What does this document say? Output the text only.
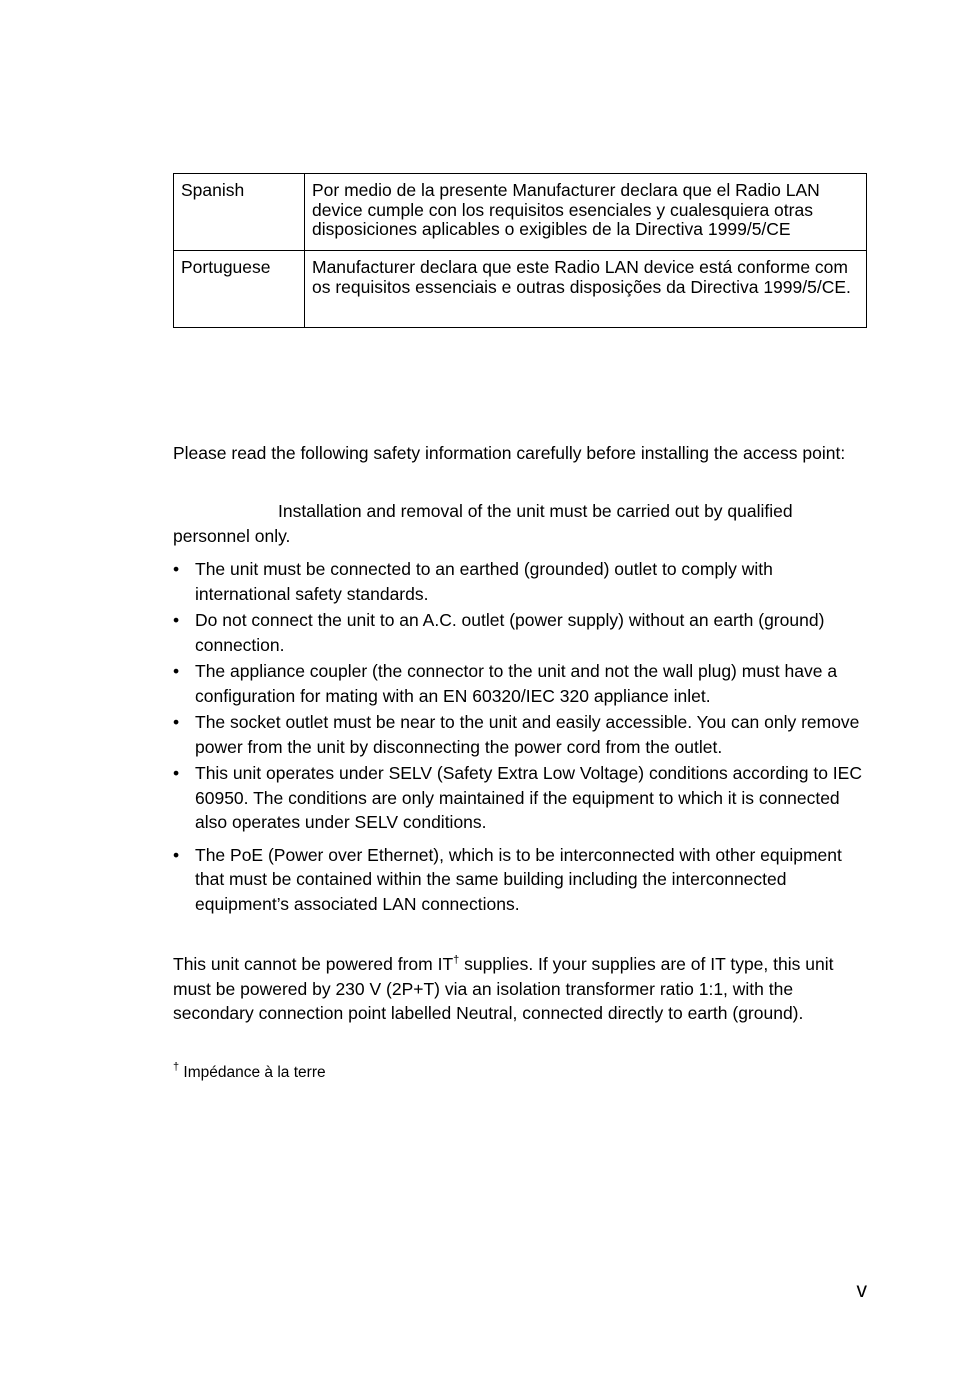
Spanish	Por medio de la presente Manufacturer declara que el Radio LAN device cumple con los requisitos esenciales y cualesquiera otras disposiciones aplicables o exigibles de la Directiva 1999/5/CE
Portuguese	Manufacturer declara que este Radio LAN device está conforme com os requisitos essenciais e outras disposições da Directiva 1999/5/CE.

Please read the following safety information carefully before installing the access point:

Installation and removal of the unit must be carried out by qualified personnel only.

• The unit must be connected to an earthed (grounded) outlet to comply with international safety standards.
• Do not connect the unit to an A.C. outlet (power supply) without an earth (ground) connection.
• The appliance coupler (the connector to the unit and not the wall plug) must have a configuration for mating with an EN 60320/IEC 320 appliance inlet.
• The socket outlet must be near to the unit and easily accessible. You can only remove power from the unit by disconnecting the power cord from the outlet.
• This unit operates under SELV (Safety Extra Low Voltage) conditions according to IEC 60950. The conditions are only maintained if the equipment to which it is connected also operates under SELV conditions.
• The PoE (Power over Ethernet), which is to be interconnected with other equipment that must be contained within the same building including the interconnected equipment’s associated LAN connections.

This unit cannot be powered from IT† supplies. If your supplies are of IT type, this unit must be powered by 230 V (2P+T) via an isolation transformer ratio 1:1, with the secondary connection point labelled Neutral, connected directly to earth (ground).

† Impédance à la terre

v
